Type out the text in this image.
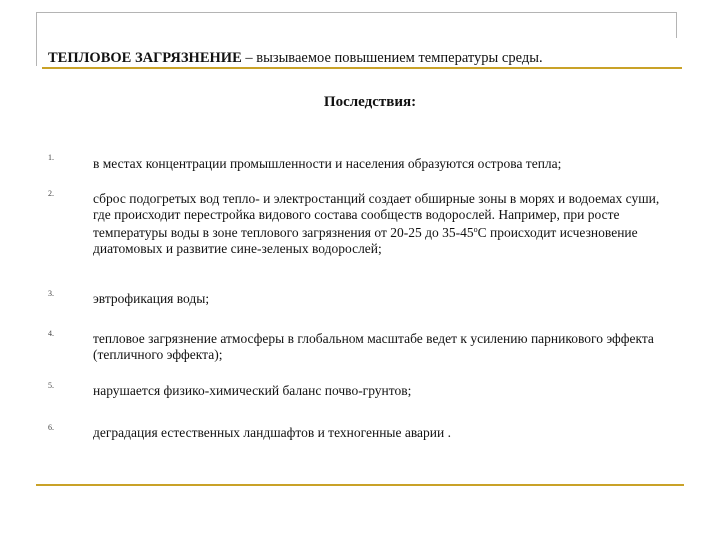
ТЕПЛОВОЕ ЗАГРЯЗНЕНИЕ – вызываемое повышением температуры среды.
Последствия:
1.	в местах концентрации промышленности и населения образуются острова тепла;
2.	сброс подогретых вод тепло- и электростанций создает обширные зоны в морях и водоемах суши, где происходит перестройка видового состава сообществ водорослей. Например, при росте температуры воды в зоне теплового загрязнения от 20-25 до $35-45^оС$ происходит исчезновение диатомовых и развитие сине-зеленых водорослей;
3.	эвтрофикация воды;
4.	тепловое загрязнение атмосферы в глобальном масштабе ведет к усилению парникового эффекта (тепличного эффекта);
5.	нарушается физико-химический баланс почво-грунтов;
6.	деградация естественных ландшафтов и техногенные аварии .
